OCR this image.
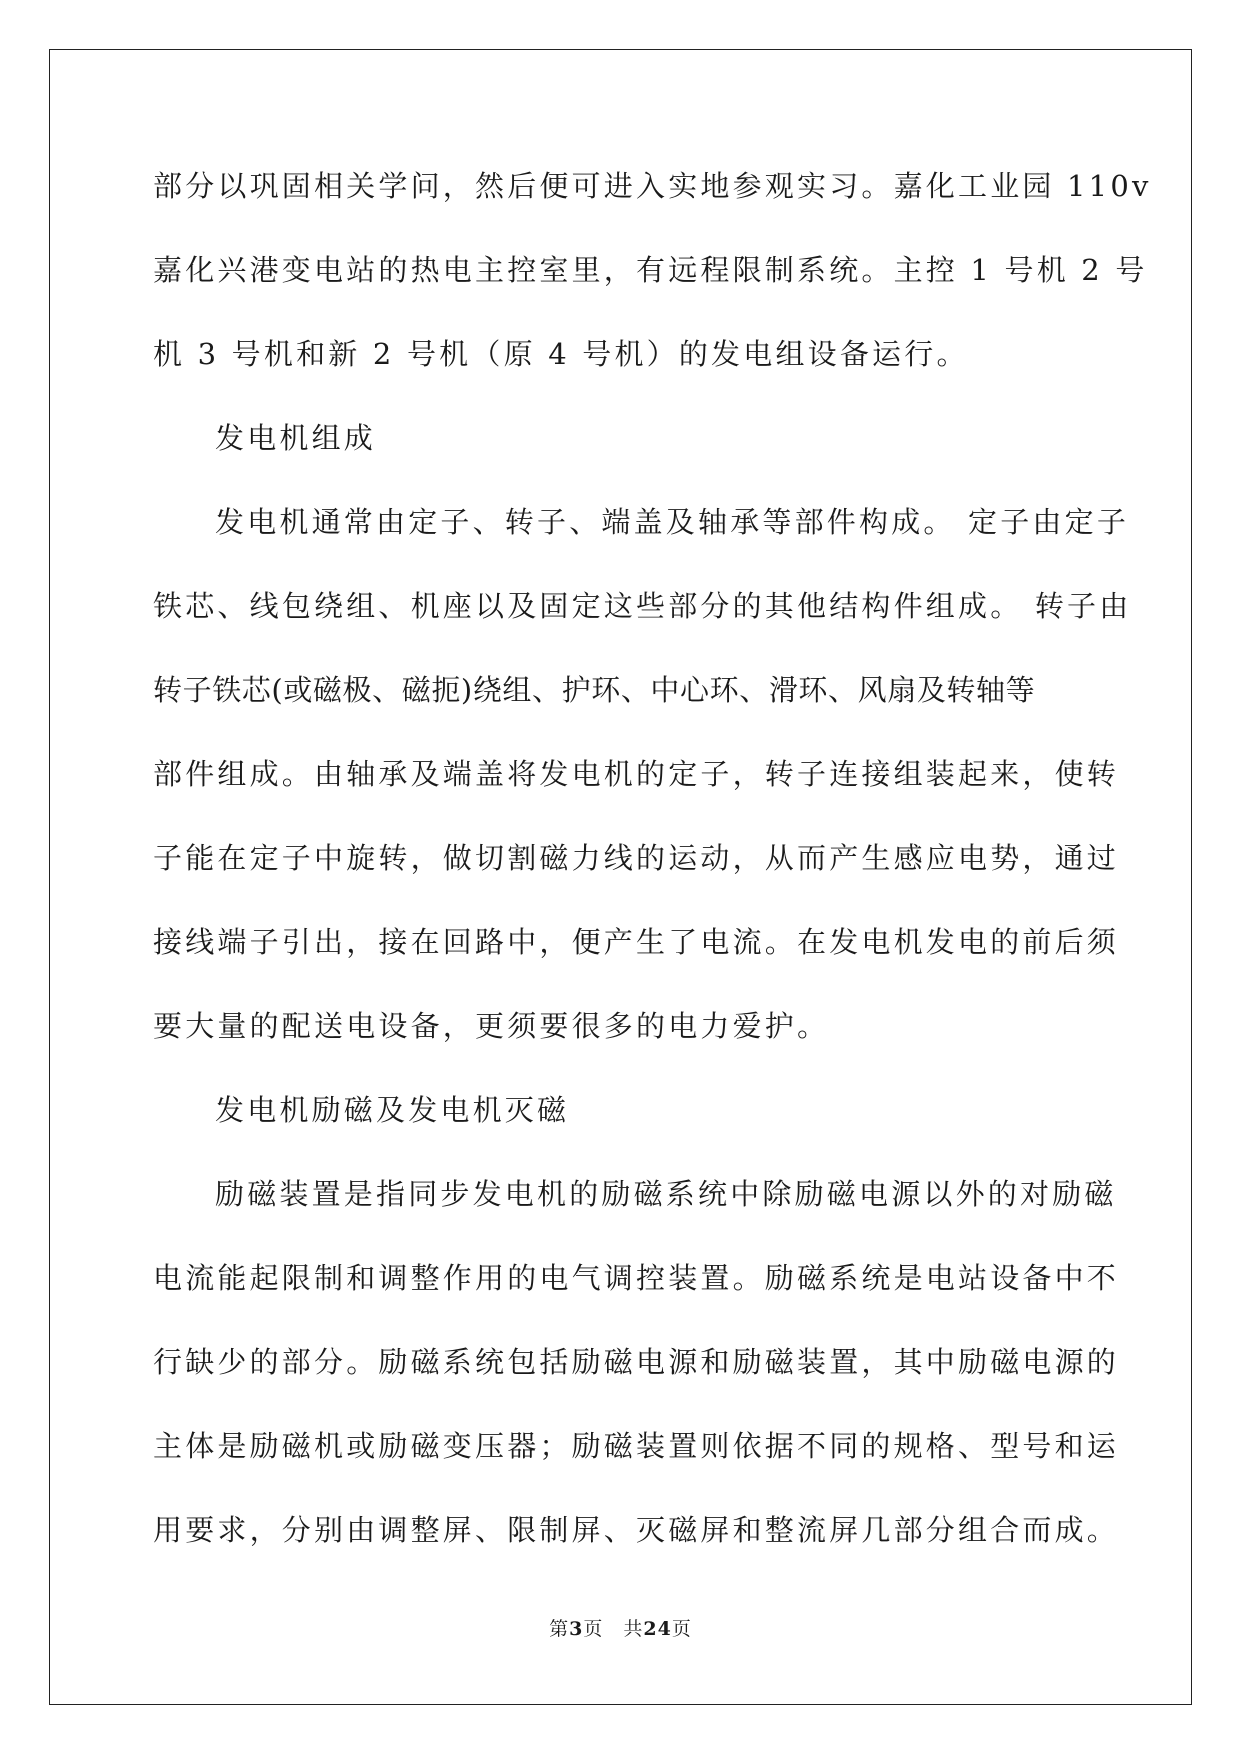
部分以巩固相关学问，然后便可进入实地参观实习。嘉化工业园 110v
嘉化兴港变电站的热电主控室里，有远程限制系统。主控 1 号机 2 号
机 3 号机和新 2 号机（原 4 号机）的发电组设备运行。
发电机组成
发电机通常由定子、转子、端盖及轴承等部件构成。 定子由定子
铁芯、线包绕组、机座以及固定这些部分的其他结构件组成。 转子由
转子铁芯(或磁极、磁扼)绕组、护环、中心环、滑环、风扇及转轴等
部件组成。由轴承及端盖将发电机的定子，转子连接组装起来，使转
子能在定子中旋转，做切割磁力线的运动，从而产生感应电势，通过
接线端子引出，接在回路中，便产生了电流。在发电机发电的前后须
要大量的配送电设备，更须要很多的电力爱护。
发电机励磁及发电机灭磁
励磁装置是指同步发电机的励磁系统中除励磁电源以外的对励磁
电流能起限制和调整作用的电气调控装置。励磁系统是电站设备中不
行缺少的部分。励磁系统包括励磁电源和励磁装置，其中励磁电源的
主体是励磁机或励磁变压器；励磁装置则依据不同的规格、型号和运
用要求，分别由调整屏、限制屏、灭磁屏和整流屏几部分组合而成。
第3页　共24页
